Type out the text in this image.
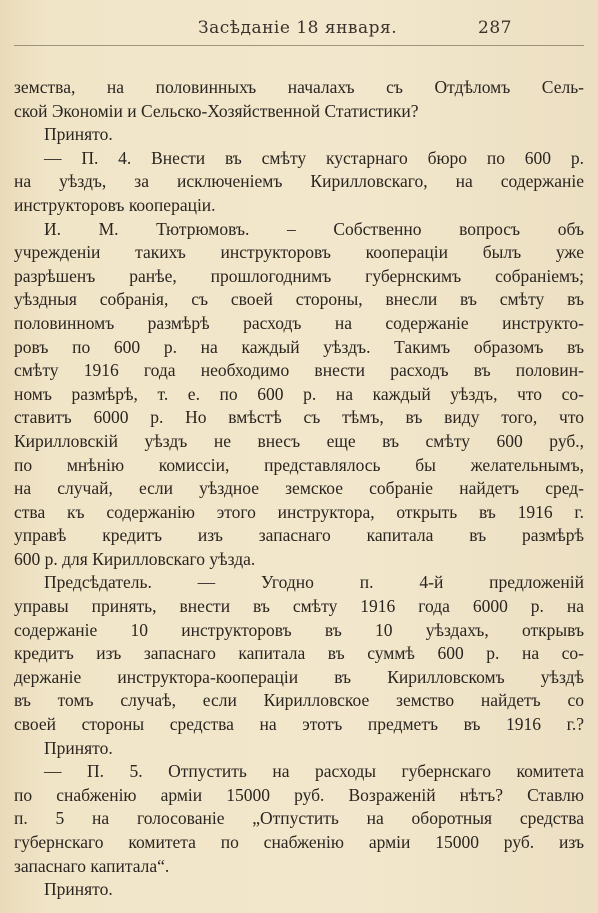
Засѣданіе 18 января.	287
земства, на половинныхъ началахъ съ Отдѣломъ Сель-
ской Экономіи и Сельско-Хозяйственной Статистики?
Принято.
— П. 4. Внести въ смѣту кустарнаго бюро по 600 р.
на уѣздъ, за исключеніемъ Кирилловскаго, на содержаніе
инструкторовъ коопераціи.
И. М. Тютрюмовъ. – Собственно вопросъ объ
учрежденіи такихъ инструкторовъ коопераціи былъ уже
разрѣшенъ ранѣе, прошлогоднимъ губернскимъ собраніемъ;
уѣздныя собранія, съ своей стороны, внесли въ смѣту въ
половинномъ размѣрѣ расходъ на содержаніе инструкто-
ровъ по 600 р. на каждый уѣздъ. Такимъ образомъ въ
смѣту 1916 года необходимо внести расходъ въ половин-
номъ размѣрѣ, т. е. по 600 р. на каждый уѣздъ, что со-
ставитъ 6000 р. Но вмѣстѣ съ тѣмъ, въ виду того, что
Кирилловскій уѣздъ не внесъ еще въ смѣту 600 руб.,
по мнѣнію комиссіи, представлялось бы желательнымъ,
на случай, если уѣздное земское собраніе найдетъ сред-
ства къ содержанію этого инструктора, открыть въ 1916 г.
управѣ кредитъ изъ запаснаго капитала въ размѣрѣ
600 р. для Кирилловскаго уѣзда.
Предсѣдатель. — Угодно п. 4-й предложеній
управы принять, внести въ смѣту 1916 года 6000 р. на
содержаніе 10 инструкторовъ въ 10 уѣздахъ, открывъ
кредитъ изъ запаснаго капитала въ суммѣ 600 р. на со-
держаніе инструктора-коопераціи въ Кирилловскомъ уѣздѣ
въ томъ случаѣ, если Кирилловское земство найдетъ со
своей стороны средства на этотъ предметъ въ 1916 г.?
Принято.
— П. 5. Отпустить на расходы губернскаго комитета
по снабженію арміи 15000 руб. Возраженій нѣтъ? Ставлю
п. 5 на голосованіе „Отпустить на оборотныя средства
губернскаго комитета по снабженію арміи 15000 руб. изъ
запаснаго капитала“.
Принято.
